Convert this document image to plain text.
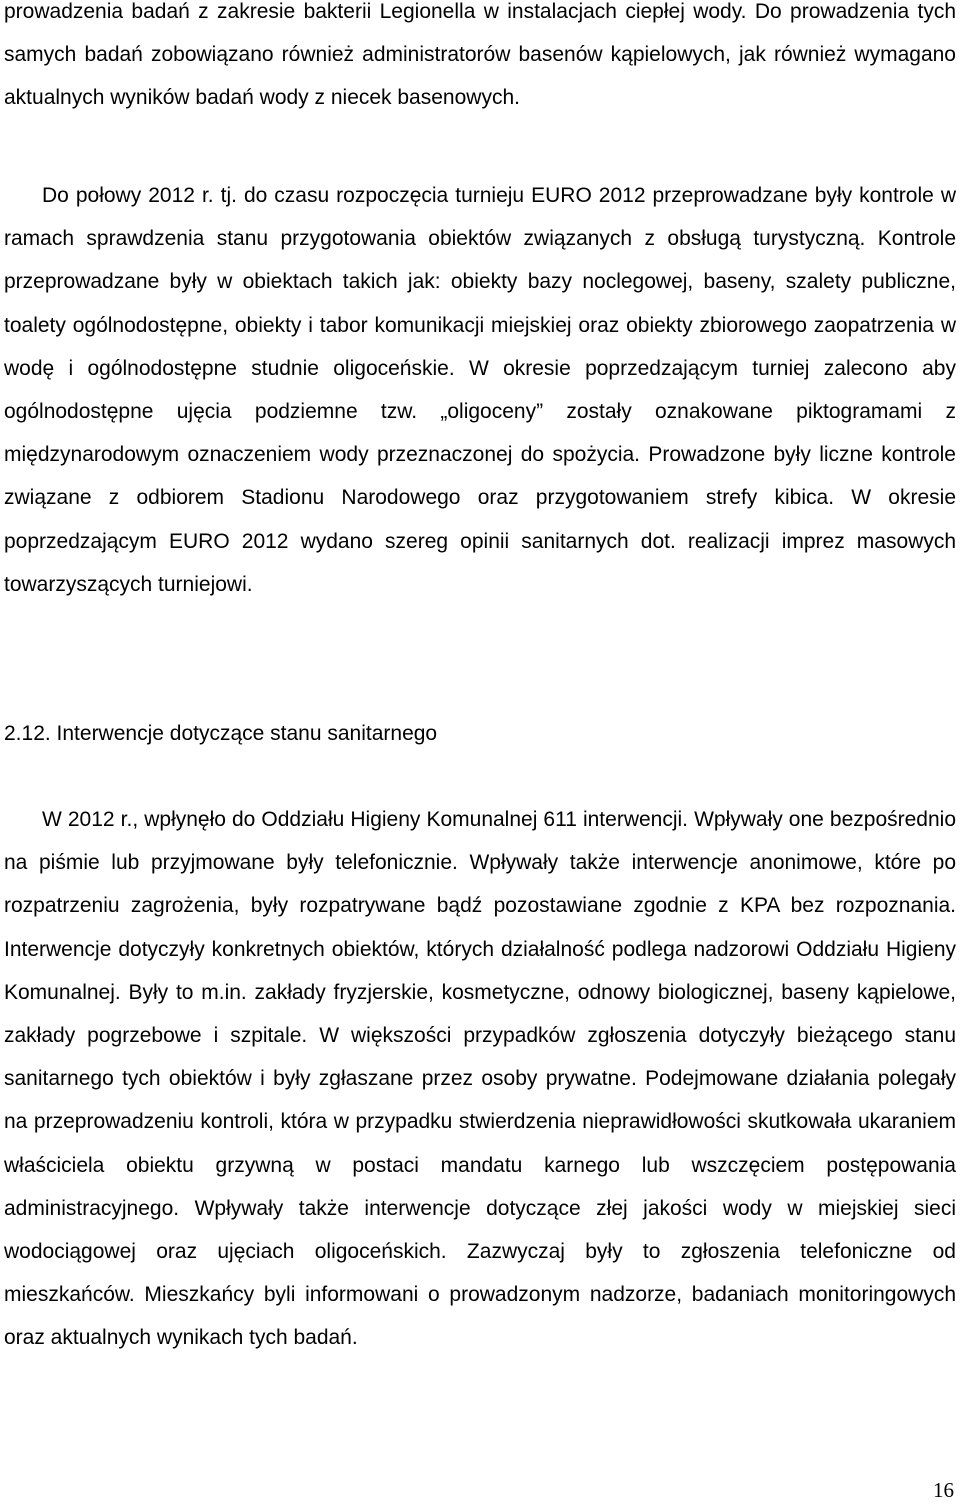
prowadzenia badań z zakresie bakterii Legionella w instalacjach ciepłej wody. Do prowadzenia tych samych badań zobowiązano również administratorów basenów kąpielowych, jak również wymagano aktualnych wyników badań wody z niecek basenowych.

Do połowy 2012 r. tj. do czasu rozpoczęcia turnieju EURO 2012 przeprowadzane były kontrole w ramach sprawdzenia stanu przygotowania obiektów związanych z obsługą turystyczną. Kontrole przeprowadzane były w obiektach takich jak: obiekty bazy noclegowej, baseny, szalety publiczne, toalety ogólnodostępne, obiekty i tabor komunikacji miejskiej oraz obiekty zbiorowego zaopatrzenia w wodę i ogólnodostępne studnie oligoceńskie. W okresie poprzedzającym turniej zalecono aby ogólnodostępne ujęcia podziemne tzw. „oligoceny” zostały oznakowane piktogramami z międzynarodowym oznaczeniem wody przeznaczonej do spożycia. Prowadzone były liczne kontrole związane z odbiorem Stadionu Narodowego oraz przygotowaniem strefy kibica. W okresie poprzedzającym EURO 2012 wydano szereg opinii sanitarnych dot. realizacji imprez masowych towarzyszących turniejowi.

2.12. Interwencje dotyczące stanu sanitarnego

W 2012 r., wpłynęło do Oddziału Higieny Komunalnej 611 interwencji. Wpływały one bezpośrednio na piśmie lub przyjmowane były telefonicznie. Wpływały także interwencje anonimowe, które po rozpatrzeniu zagrożenia, były rozpatrywane bądź pozostawiane zgodnie z KPA bez rozpoznania. Interwencje dotyczyły konkretnych obiektów, których działalność podlega nadzorowi Oddziału Higieny Komunalnej. Były to m.in. zakłady fryzjerskie, kosmetyczne, odnowy biologicznej, baseny kąpielowe, zakłady pogrzebowe i szpitale. W większości przypadków zgłoszenia dotyczyły bieżącego stanu sanitarnego tych obiektów i były zgłaszane przez osoby prywatne. Podejmowane działania polegały na przeprowadzeniu kontroli, która w przypadku stwierdzenia nieprawidłowości skutkowała ukaraniem właściciela obiektu grzywną w postaci mandatu karnego lub wszczęciem postępowania administracyjnego. Wpływały także interwencje dotyczące złej jakości wody w miejskiej sieci wodociągowej oraz ujęciach oligoceńskich. Zazwyczaj były to zgłoszenia telefoniczne od mieszkańców. Mieszkańcy byli informowani o prowadzonym nadzorze, badaniach monitoringowych oraz aktualnych wynikach tych badań.

16
